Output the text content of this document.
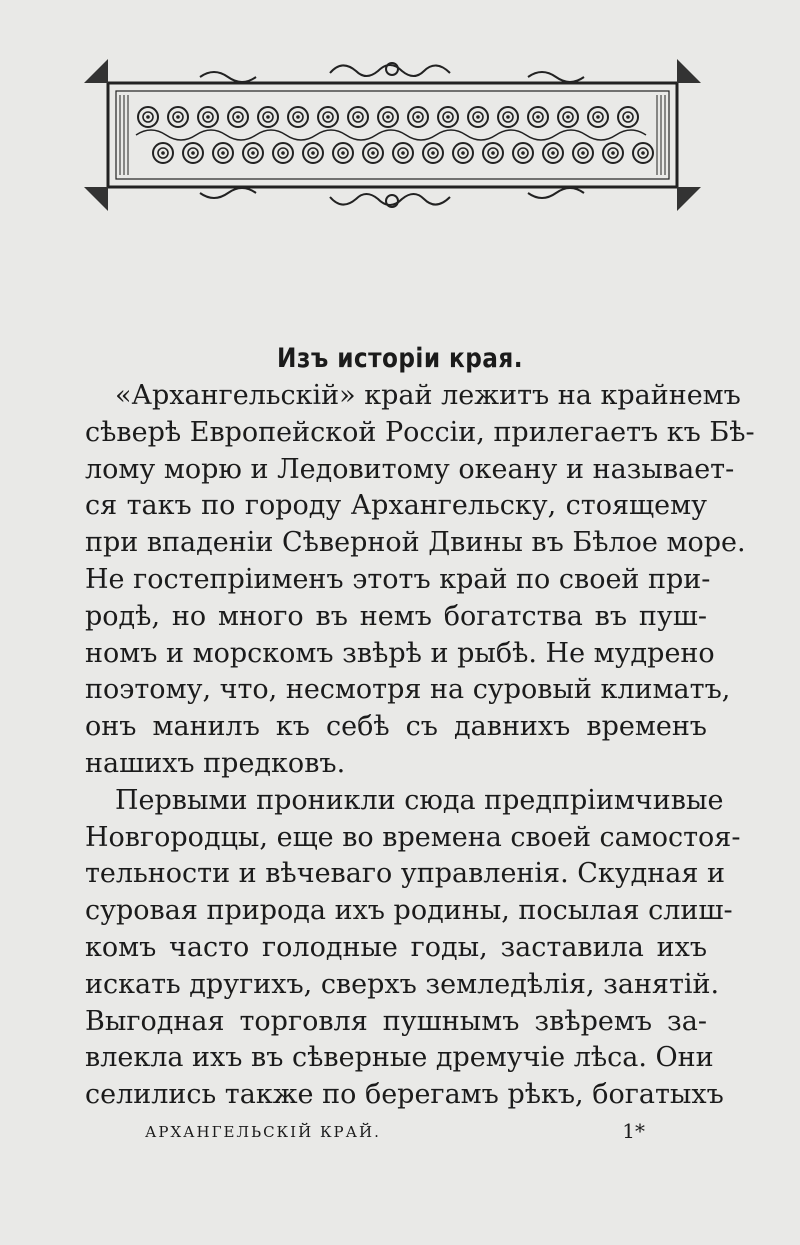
Изъ исторіи края.
«Архангельскій» край лежитъ на крайнемъ
сѣверѣ Европейской Россіи, прилегаетъ къ Бѣ-
лому морю и Ледовитому океану и называет-
ся такъ по городу Архангельску, стоящему
при впаденіи Сѣверной Двины въ Бѣлое море.
Не гостепріименъ этотъ край по своей при-
родѣ, но много въ немъ богатства въ пуш-
номъ и морскомъ звѣрѣ и рыбѣ. Не мудрено
поэтому, что, несмотря на суровый климатъ,
онъ манилъ къ себѣ съ давнихъ временъ
нашихъ предковъ.
Первыми проникли сюда предпріимчивые
Новгородцы, еще во времена своей самостоя-
тельности и вѣчеваго управленія. Скудная и
суровая природа ихъ родины, посылая слиш-
комъ часто голодные годы, заставила ихъ
искать другихъ, сверхъ земледѣлія, занятій.
Выгодная торговля пушнымъ звѣремъ за-
влекла ихъ въ сѣверные дремучіе лѣса. Они
селились также по берегамъ рѣкъ, богатыхъ
АРХАНГЕЛЬСКІЙ КРАЙ.	1*
